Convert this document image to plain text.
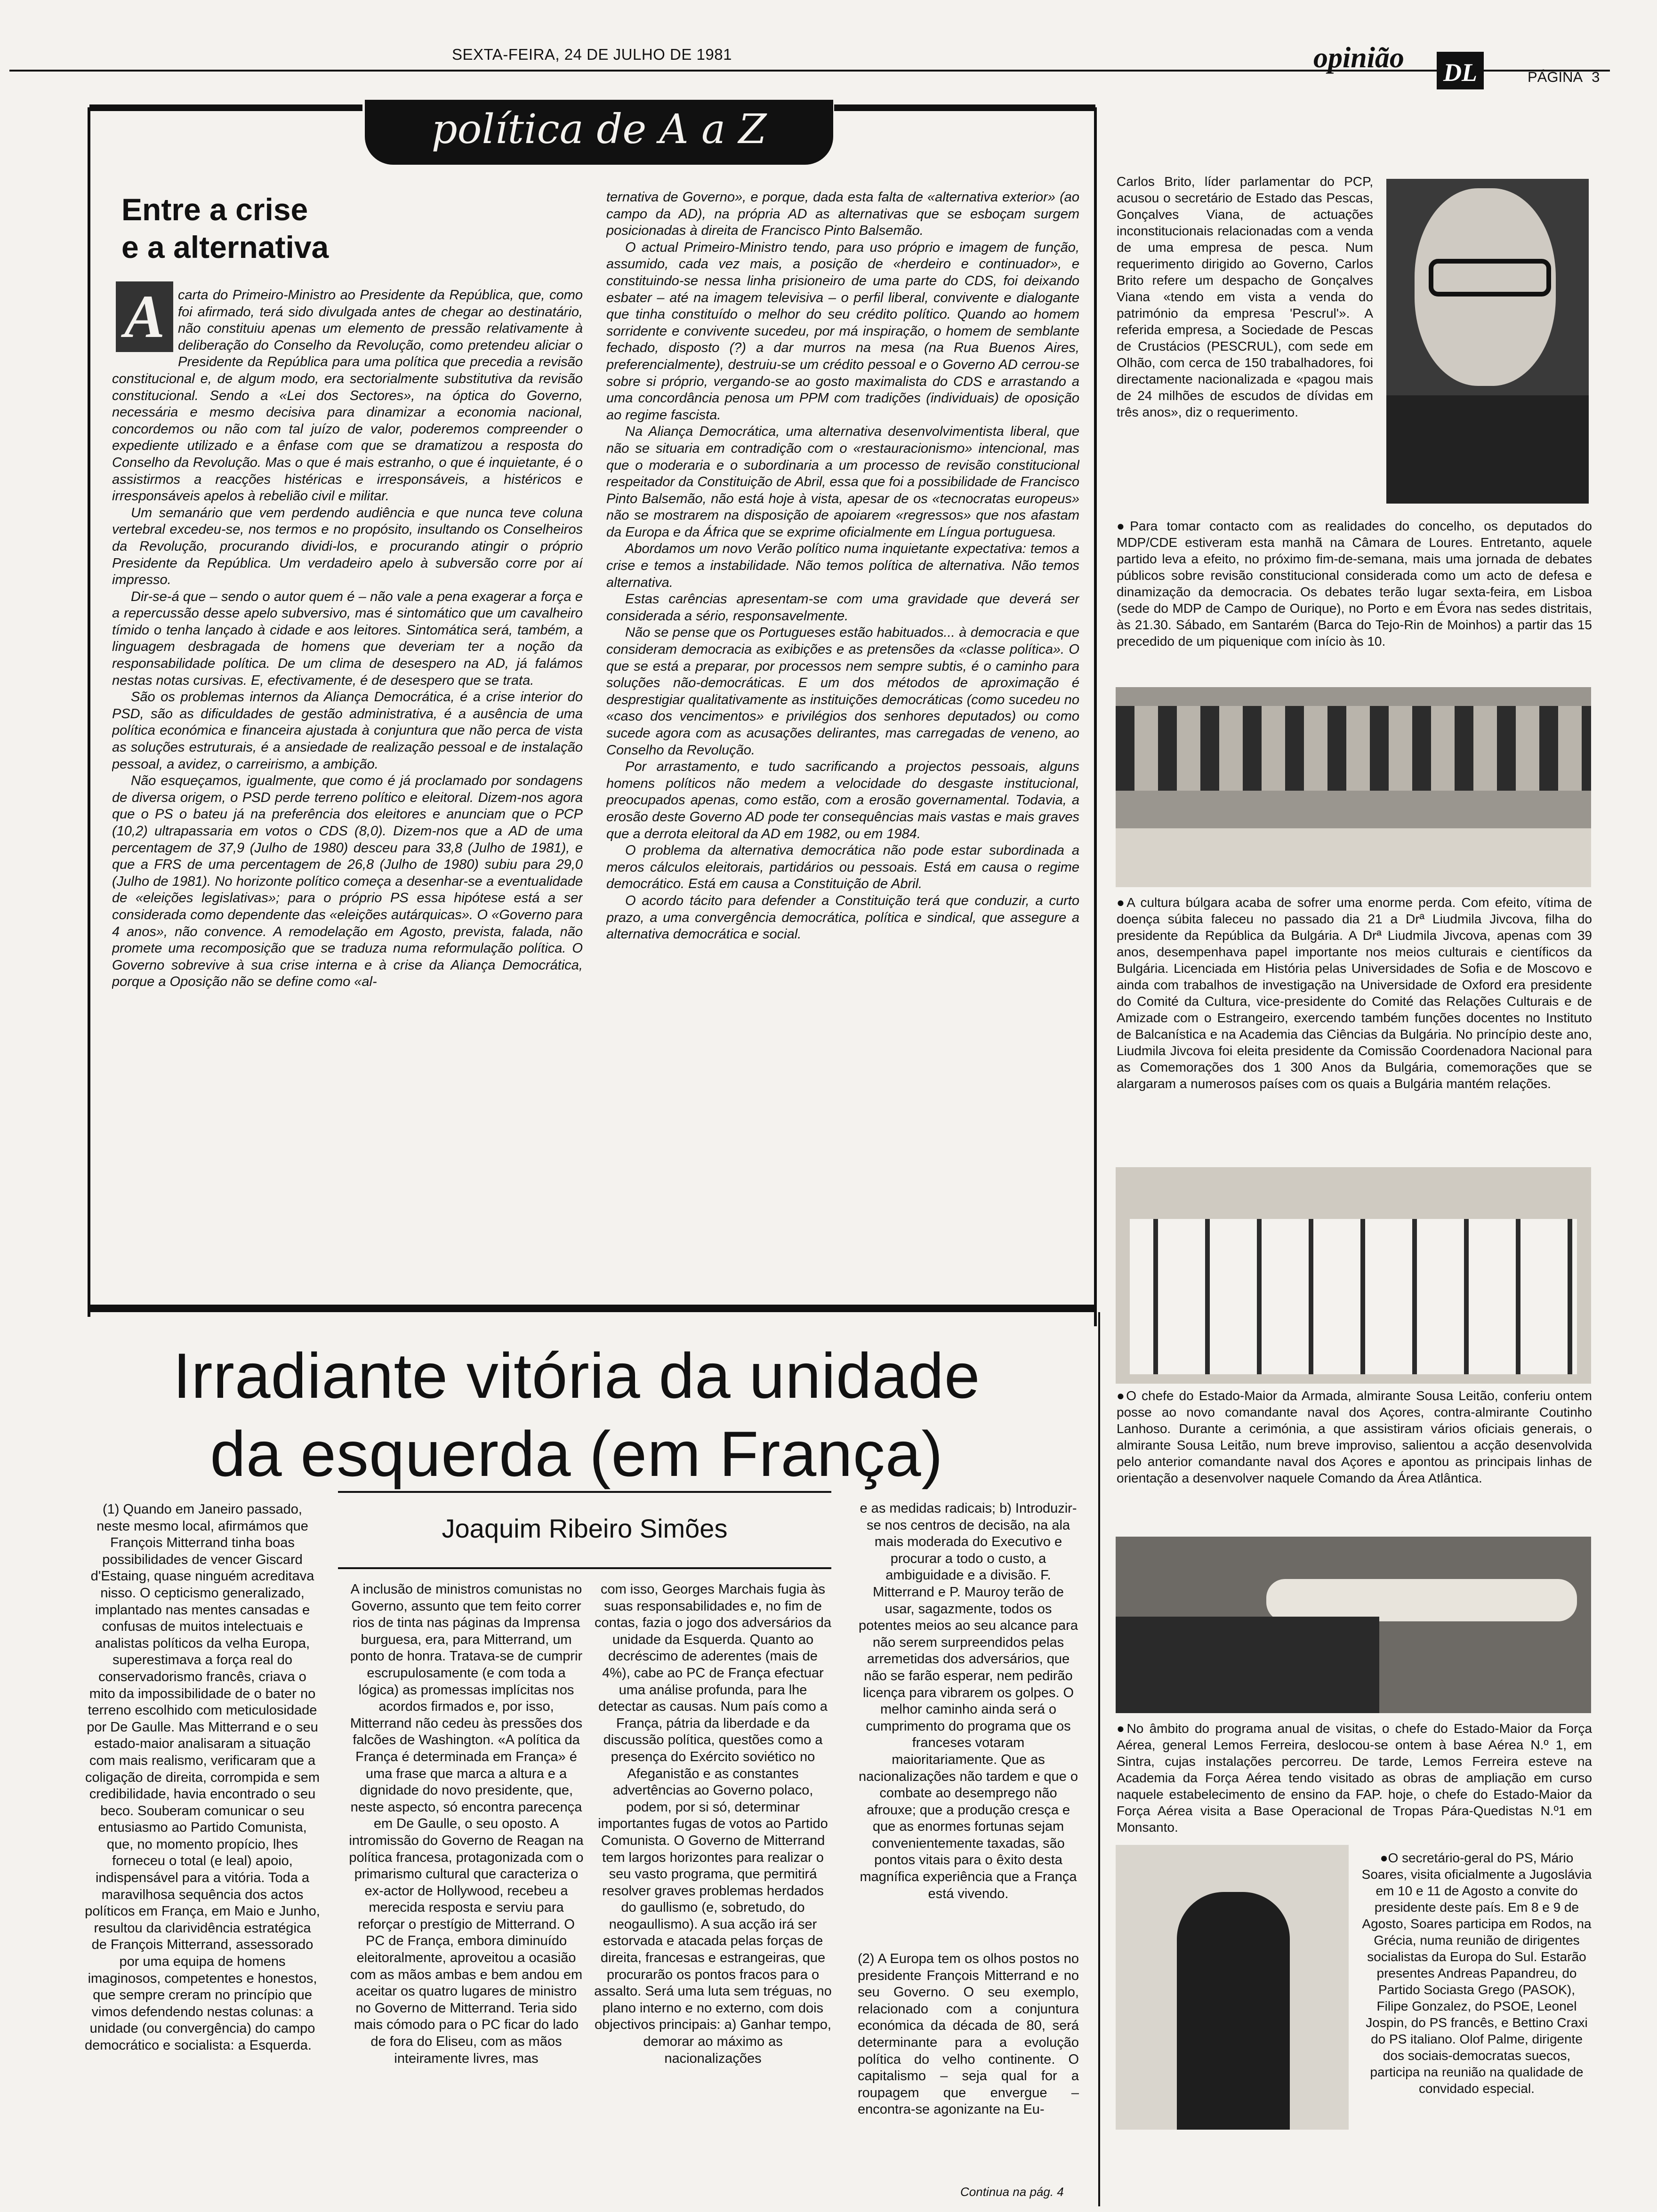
SEXTA-FEIRA, 24 DE JULHO DE 1981	opinião DL	PÁGINA 3
política de A a Z
Entre a crise
e a alternativa
A carta do Primeiro-Ministro ao Presidente da República, que, como foi afirmado, terá sido divulgada antes de chegar ao destinatário, não constituiu apenas um elemento de pressão relativamente à deliberação do Conselho da Revolução, como pretendeu aliciar o Presidente da República para uma política que precedia a revisão constitucional e, de algum modo, era sectorialmente substitutiva da revisão constitucional. Sendo a «Lei dos Sectores», na óptica do Governo, necessária e mesmo decisiva para dinamizar a economia nacional, concordemos ou não com tal juízo de valor, poderemos compreender o expediente utilizado e a ênfase com que se dramatizou a resposta do Conselho da Revolução. Mas o que é mais estranho, o que é inquietante, é o assistirmos a reacções histéricas e irresponsáveis, a histéricos e irresponsáveis apelos à rebelião civil e militar.

Um semanário que vem perdendo audiência e que nunca teve coluna vertebral excedeu-se, nos termos e no propósito, insultando os Conselheiros da Revolução, procurando dividi-los, e procurando atingir o próprio Presidente da República. Um verdadeiro apelo à subversão corre por aí impresso.

Dir-se-á que – sendo o autor quem é – não vale a pena exagerar a força e a repercussão desse apelo subversivo, mas é sintomático que um cavalheiro tímido o tenha lançado à cidade e aos leitores. Sintomática será, também, a linguagem desbragada de homens que deveriam ter a noção da responsabilidade política. De um clima de desespero na AD, já falámos nestas notas cursivas. E, efectivamente, é de desespero que se trata.

São os problemas internos da Aliança Democrática, é a crise interior do PSD, são as dificuldades de gestão administrativa, é a ausência de uma política económica e financeira ajustada à conjuntura que não perca de vista as soluções estruturais, é a ansiedade de realização pessoal e de instalação pessoal, a avidez, o carreirismo, a ambição.

Não esqueçamos, igualmente, que como é já proclamado por sondagens de diversa origem, o PSD perde terreno político e eleitoral. Dizem-nos agora que o PS o bateu já na preferência dos eleitores e anunciam que o PCP (10,2) ultrapassaria em votos o CDS (8,0). Dizem-nos que a AD de uma percentagem de 37,9 (Julho de 1980) desceu para 33,8 (Julho de 1981), e que a FRS de uma percentagem de 26,8 (Julho de 1980) subiu para 29,0 (Julho de 1981). No horizonte político começa a desenhar-se a eventualidade de «eleições legislativas»; para o próprio PS essa hipótese está a ser considerada como dependente das «eleições autárquicas». O «Governo para 4 anos», não convence. A remodelação em Agosto, prevista, falada, não promete uma recomposição que se traduza numa reformulação política. O Governo sobrevive à sua crise interna e à crise da Aliança Democrática, porque a Oposição não se define como «al-

ternativa de Governo», e porque, dada esta falta de «alternativa exterior» (ao campo da AD), na própria AD as alternativas que se esboçam surgem posicionadas à direita de Francisco Pinto Balsemão.

O actual Primeiro-Ministro tendo, para uso próprio e imagem de função, assumido, cada vez mais, a posição de «herdeiro e continuador», e constituindo-se nessa linha prisioneiro de uma parte do CDS, foi deixando esbater – até na imagem televisiva – o perfil liberal, convivente e dialogante que tinha constituído o melhor do seu crédito político. Quando ao homem sorridente e convivente sucedeu, por má inspiração, o homem de semblante fechado, disposto (?) a dar murros na mesa (na Rua Buenos Aires, preferencialmente), destruiu-se um crédito pessoal e o Governo AD cerrou-se sobre si próprio, vergando-se ao gosto maximalista do CDS e arrastando a uma concordância penosa um PPM com tradições (individuais) de oposição ao regime fascista.

Na Aliança Democrática, uma alternativa desenvolvimentista liberal, que não se situaria em contradição com o «restauracionismo» intencional, mas que o moderaria e o subordinaria a um processo de revisão constitucional respeitador da Constituição de Abril, essa que foi a possibilidade de Francisco Pinto Balsemão, não está hoje à vista, apesar de os «tecnocratas europeus» não se mostrarem na disposição de apoiarem «regressos» que nos afastam da Europa e da África que se exprime oficialmente em Língua portuguesa.

Abordamos um novo Verão político numa inquietante expectativa: temos a crise e temos a instabilidade. Não temos política de alternativa. Não temos alternativa.

Estas carências apresentam-se com uma gravidade que deverá ser considerada a sério, responsavelmente.

Não se pense que os Portugueses estão habituados... à democracia e que consideram democracia as exibições e as pretensões da «classe política». O que se está a preparar, por processos nem sempre subtis, é o caminho para soluções não-democráticas. E um dos métodos de aproximação é desprestigiar qualitativamente as instituições democráticas (como sucedeu no «caso dos vencimentos» e privilégios dos senhores deputados) ou como sucede agora com as acusações delirantes, mas carregadas de veneno, ao Conselho da Revolução.

Por arrastamento, e tudo sacrificando a projectos pessoais, alguns homens políticos não medem a velocidade do desgaste institucional, preocupados apenas, como estão, com a erosão governamental. Todavia, a erosão deste Governo AD pode ter consequências mais vastas e mais graves que a derrota eleitoral da AD em 1982, ou em 1984.

O problema da alternativa democrática não pode estar subordinada a meros cálculos eleitorais, partidários ou pessoais. Está em causa o regime democrático. Está em causa a Constituição de Abril.

O acordo tácito para defender a Constituição terá que conduzir, a curto prazo, a uma convergência democrática, política e sindical, que assegure a alternativa democrática e social.

Irradiante vitória da unidade
da esquerda (em França)
Joaquim Ribeiro Simões
(1) Quando em Janeiro passado, neste mesmo local, afirmámos que François Mitterrand tinha boas possibilidades de vencer Giscard d'Estaing, quase ninguém acreditava nisso. O cepticismo generalizado, implantado nas mentes cansadas e confusas de muitos intelectuais e analistas políticos da velha Europa, superestimava a força real do conservadorismo francês, criava o mito da impossibilidade de o bater no terreno escolhido com meticulosidade por De Gaulle. Mas Mitterrand e o seu estado-maior analisaram a situação com mais realismo, verificaram que a coligação de direita, corrompida e sem credibilidade, havia encontrado o seu beco. Souberam comunicar o seu entusiasmo ao Partido Comunista, que, no momento propício, lhes forneceu o total (e leal) apoio, indispensável para a vitória. Toda a maravilhosa sequência dos actos políticos em França, em Maio e Junho, resultou da clarividência estratégica de François Mitterrand, assessorado por uma equipa de homens imaginosos, competentes e honestos, que sempre creram no princípio que vimos defendendo nestas colunas: a unidade (ou convergência) do campo democrático e socialista: a Esquerda.
A inclusão de ministros comunistas no Governo, assunto que tem feito correr rios de tinta nas páginas da Imprensa burguesa, era, para Mitterrand, um ponto de honra. Tratava-se de cumprir escrupulosamente (e com toda a lógica) as promessas implícitas nos acordos firmados e, por isso, Mitterrand não cedeu às pressões dos falcões de Washington. «A política da França é determinada em França» é uma frase que marca a altura e a dignidade do novo presidente, que, neste aspecto, só encontra parecença em De Gaulle, o seu oposto. A intromissão do Governo de Reagan na política francesa, protagonizada com o primarismo cultural que caracteriza o ex-actor de Hollywood, recebeu a merecida resposta e serviu para reforçar o prestígio de Mitterrand. O PC de França, embora diminuído eleitoralmente, aproveitou a ocasião com as mãos ambas e bem andou em aceitar os quatro lugares de ministro no Governo de Mitterrand. Teria sido mais cómodo para o PC ficar do lado de fora do Eliseu, com as mãos inteiramente livres, mas
com isso, Georges Marchais fugia às suas responsabilidades e, no fim de contas, fazia o jogo dos adversários da unidade da Esquerda. Quanto ao decréscimo de aderentes (mais de 4%), cabe ao PC de França efectuar uma análise profunda, para lhe detectar as causas. Num país como a França, pátria da liberdade e da discussão política, questões como a presença do Exército soviético no Afeganistão e as constantes advertências ao Governo polaco, podem, por si só, determinar importantes fugas de votos ao Partido Comunista. O Governo de Mitterrand tem largos horizontes para realizar o seu vasto programa, que permitirá resolver graves problemas herdados do gaullismo (e, sobretudo, do neogaullismo). A sua acção irá ser estorvada e atacada pelas forças de direita, francesas e estrangeiras, que procurarão os pontos fracos para o assalto. Será uma luta sem tréguas, no plano interno e no externo, com dois objectivos principais: a) Ganhar tempo, demorar ao máximo as nacionalizações
e as medidas radicais; b) Introduzir-se nos centros de decisão, na ala mais moderada do Executivo e procurar a todo o custo, a ambiguidade e a divisão. F. Mitterrand e P. Mauroy terão de usar, sagazmente, todos os potentes meios ao seu alcance para não serem surpreendidos pelas arremetidas dos adversários, que não se farão esperar, nem pedirão licença para vibrarem os golpes. O melhor caminho ainda será o cumprimento do programa que os franceses votaram maioritariamente. Que as nacionalizações não tardem e que o combate ao desemprego não afrouxe; que a produção cresça e que as enormes fortunas sejam convenientemente taxadas, são pontos vitais para o êxito desta magnífica experiência que a França está vivendo.
(2) A Europa tem os olhos postos no presidente François Mitterrand e no seu Governo. O seu exemplo, relacionado com a conjuntura económica da década de 80, será determinante para a evolução política do velho continente. O capitalismo – seja qual for a roupagem que envergue – encontra-se agonizante na Eu-
Continua na pág. 4
Carlos Brito, líder parlamentar do PCP, acusou o secretário de Estado das Pescas, Gonçalves Viana, de actuações inconstitucionais relacionadas com a venda de uma empresa de pesca. Num requerimento dirigido ao Governo, Carlos Brito refere um despacho de Gonçalves Viana «tendo em vista a venda do património da empresa 'Pescrul'». A referida empresa, a Sociedade de Pescas de Crustácios (PESCRUL), com sede em Olhão, com cerca de 150 trabalhadores, foi directamente nacionalizada e «pagou mais de 24 milhões de escudos de dívidas em três anos», diz o requerimento.
● Para tomar contacto com as realidades do concelho, os deputados do MDP/CDE estiveram esta manhã na Câmara de Loures. Entretanto, aquele partido leva a efeito, no próximo fim-de-semana, mais uma jornada de debates públicos sobre revisão constitucional considerada como um acto de defesa e dinamização da democracia. Os debates terão lugar sexta-feira, em Lisboa (sede do MDP de Campo de Ourique), no Porto e em Évora nas sedes distritais, às 21.30. Sábado, em Santarém (Barca do Tejo-Rin de Moinhos) a partir das 15 precedido de um piquenique com início às 10.
● A cultura búlgara acaba de sofrer uma enorme perda. Com efeito, vítima de doença súbita faleceu no passado dia 21 a Drª Liudmila Jivcova, filha do presidente da República da Bulgária. A Drª Liudmila Jivcova, apenas com 39 anos, desempenhava papel importante nos meios culturais e científicos da Bulgária. Licenciada em História pelas Universidades de Sofia e de Moscovo e ainda com trabalhos de investigação na Universidade de Oxford era presidente do Comité da Cultura, vice-presidente do Comité das Relações Culturais e de Amizade com o Estrangeiro, exercendo também funções docentes no Instituto de Balcanística e na Academia das Ciências da Bulgária. No princípio deste ano, Liudmila Jivcova foi eleita presidente da Comissão Coordenadora Nacional para as Comemorações dos 1 300 Anos da Bulgária, comemorações que se alargaram a numerosos países com os quais a Bulgária mantém relações.
● O chefe do Estado-Maior da Armada, almirante Sousa Leitão, conferiu ontem posse ao novo comandante naval dos Açores, contra-almirante Coutinho Lanhoso. Durante a cerimónia, a que assistiram vários oficiais generais, o almirante Sousa Leitão, num breve improviso, salientou a acção desenvolvida pelo anterior comandante naval dos Açores e apontou as principais linhas de orientação a desenvolver naquele Comando da Área Atlântica.
● No âmbito do programa anual de visitas, o chefe do Estado-Maior da Força Aérea, general Lemos Ferreira, deslocou-se ontem à base Aérea N.º 1, em Sintra, cujas instalações percorreu. De tarde, Lemos Ferreira esteve na Academia da Força Aérea tendo visitado as obras de ampliação em curso naquele estabelecimento de ensino da FAP. hoje, o chefe do Estado-Maior da Força Aérea visita a Base Operacional de Tropas Pára-Quedistas N.º1 em Monsanto.
● O secretário-geral do PS, Mário Soares, visita oficialmente a Jugoslávia em 10 e 11 de Agosto a convite do presidente deste país. Em 8 e 9 de Agosto, Soares participa em Rodos, na Grécia, numa reunião de dirigentes socialistas da Europa do Sul. Estarão presentes Andreas Papandreu, do Partido Sociasta Grego (PASOK), Filipe Gonzalez, do PSOE, Leonel Jospin, do PS francês, e Bettino Craxi do PS italiano. Olof Palme, dirigente dos sociais-democratas suecos, participa na reunião na qualidade de convidado especial.
